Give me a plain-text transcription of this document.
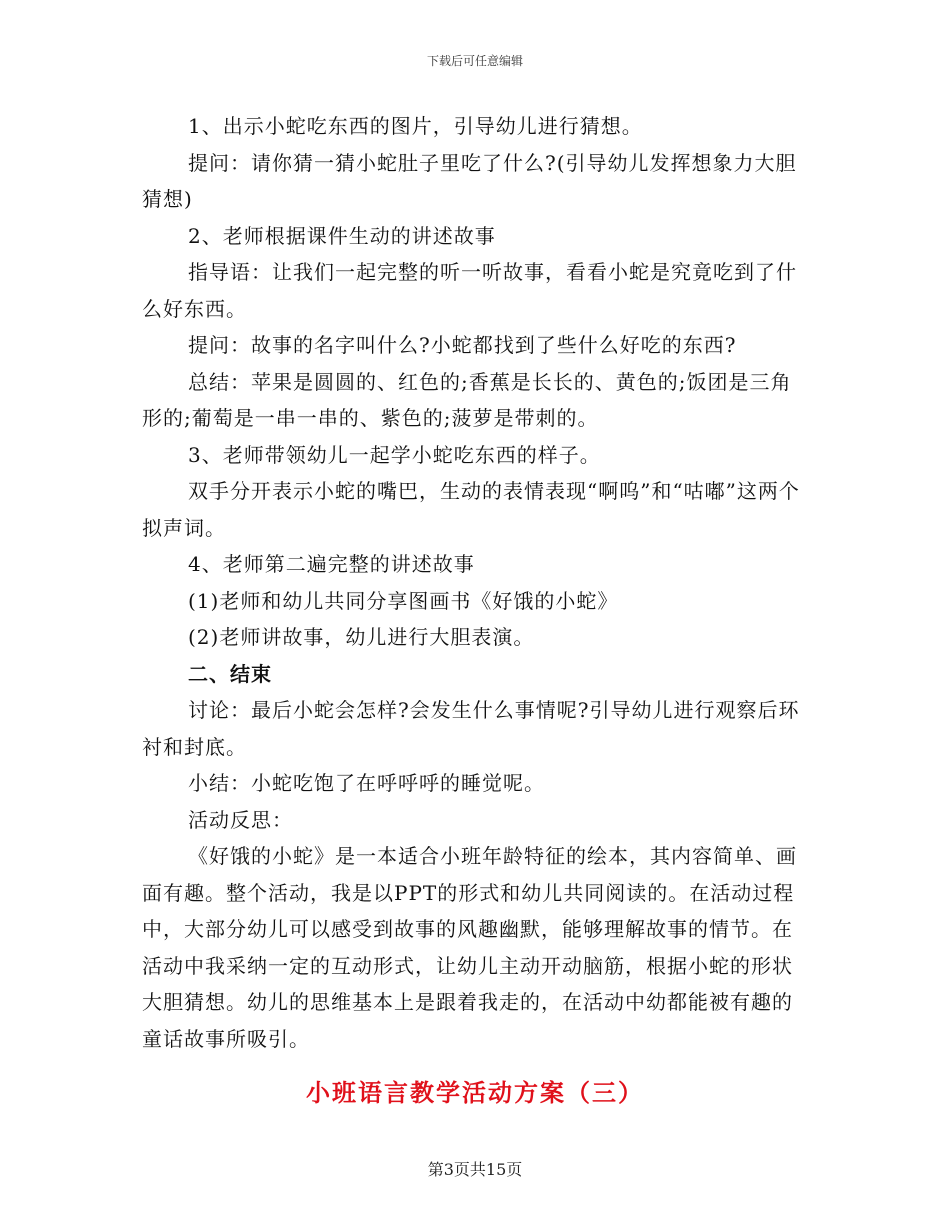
下载后可任意编辑

1、出示小蛇吃东西的图片，引导幼儿进行猜想。

提问：请你猜一猜小蛇肚子里吃了什么?(引导幼儿发挥想象力大胆猜想)

2、老师根据课件生动的讲述故事

指导语：让我们一起完整的听一听故事，看看小蛇是究竟吃到了什么好东西。

提问：故事的名字叫什么?小蛇都找到了些什么好吃的东西?

总结：苹果是圆圆的、红色的;香蕉是长长的、黄色的;饭团是三角形的;葡萄是一串一串的、紫色的;菠萝是带刺的。

3、老师带领幼儿一起学小蛇吃东西的样子。

双手分开表示小蛇的嘴巴，生动的表情表现“啊呜”和“咕嘟”这两个拟声词。

4、老师第二遍完整的讲述故事

(1)老师和幼儿共同分享图画书《好饿的小蛇》

(2)老师讲故事，幼儿进行大胆表演。

二、结束

讨论：最后小蛇会怎样?会发生什么事情呢?引导幼儿进行观察后环衬和封底。

小结：小蛇吃饱了在呼呼呼的睡觉呢。

活动反思：

《好饿的小蛇》是一本适合小班年龄特征的绘本，其内容简单、画面有趣。整个活动，我是以PPT的形式和幼儿共同阅读的。在活动过程中，大部分幼儿可以感受到故事的风趣幽默，能够理解故事的情节。在活动中我采纳一定的互动形式，让幼儿主动开动脑筋，根据小蛇的形状大胆猜想。幼儿的思维基本上是跟着我走的，在活动中幼都能被有趣的童话故事所吸引。

小班语言教学活动方案（三）
第3页共15页
